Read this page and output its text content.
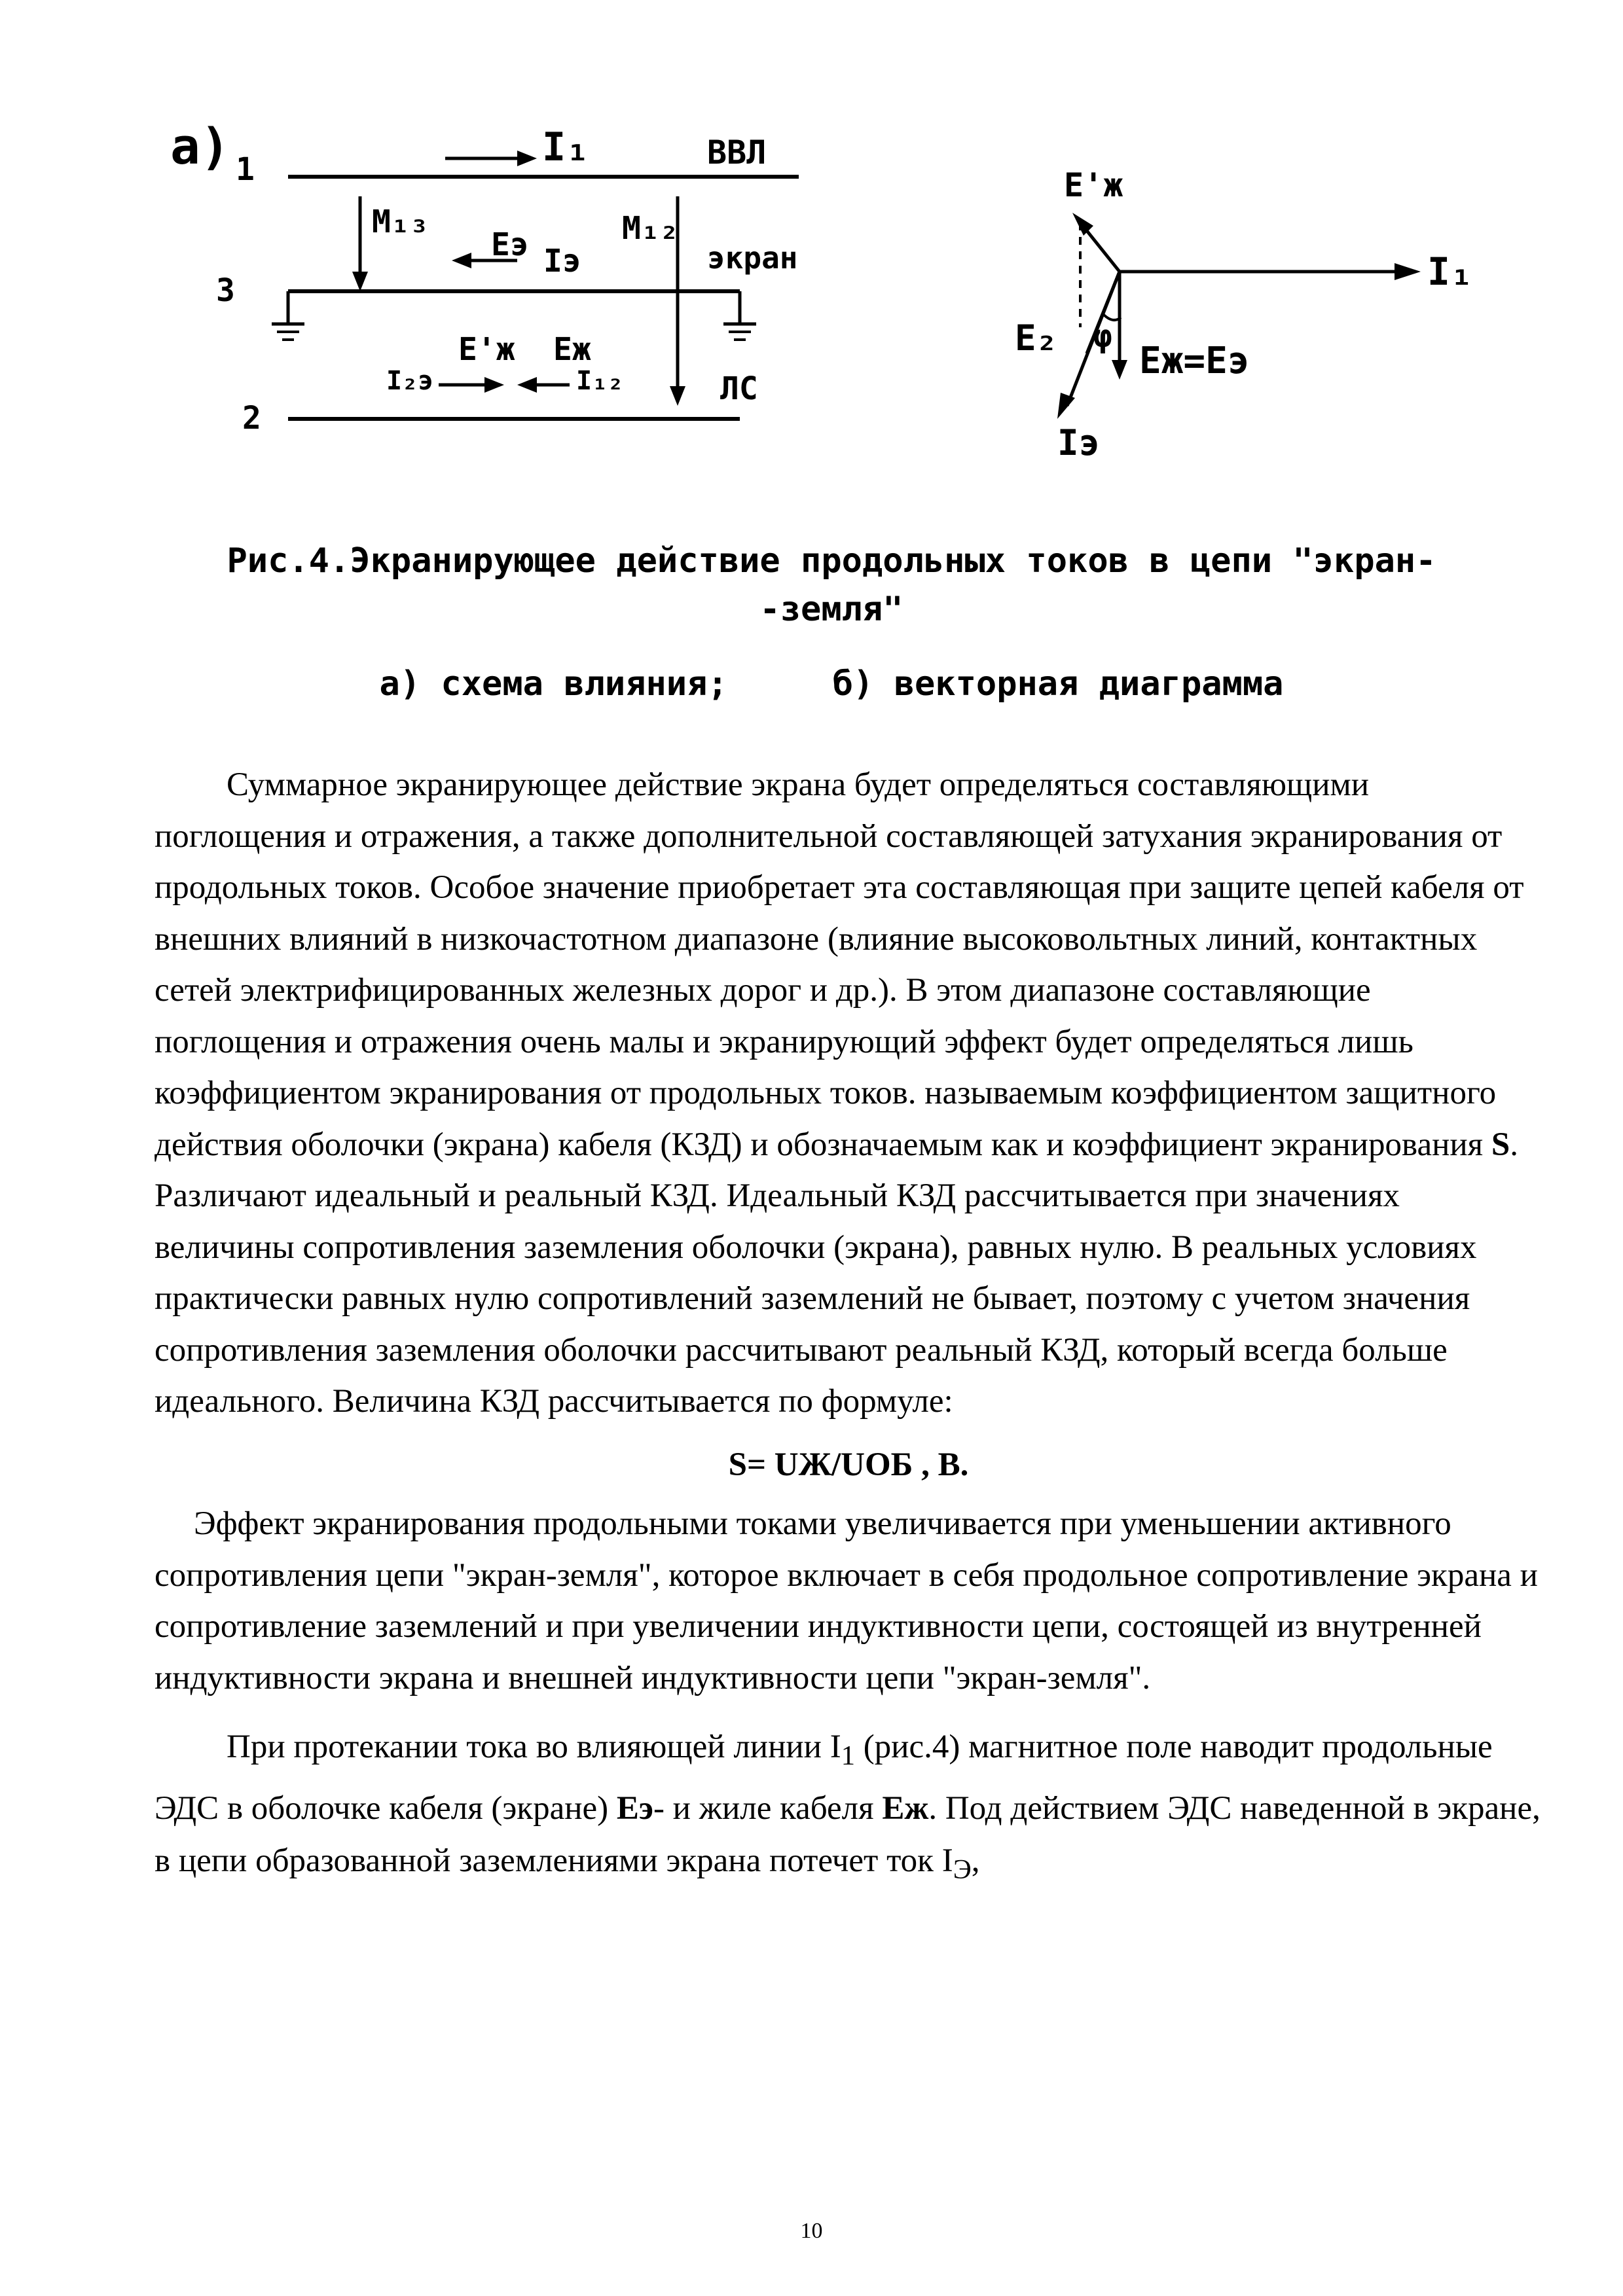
а) 1
3
2
I₁	ВВЛ
M₁₃
Eэ Iэ
M₁₂
экран
E'ж Eж
I₂э	I₁₂	ЛС
I₁
E'ж
E₂ φ
Eж=Eэ
Iэ
Рис.4.Экранирующее действие продольных токов в цепи "экран-
-земля"
а) схема влияния;	б) векторная диаграмма

Суммарное экранирующее действие экрана будет определяться составляющими поглощения и отражения, а также дополнительной составляющей затухания экранирования от продольных токов. Особое значение приобретает эта составляющая при защите цепей кабеля от внешних влияний в низкочастотном диапазоне (влияние высоковольтных линий, контактных сетей электрифицированных железных дорог и др.). В этом диапазоне составляющие поглощения и отражения очень малы и экранирующий эффект будет определяться лишь коэффициентом экранирования от продольных токов. называемым коэффициентом защитного действия оболочки (экрана) кабеля (КЗД) и обозначаемым как и коэффициент экранирования S. Различают идеальный и реальный КЗД. Идеальный КЗД рассчитывается при значениях величины сопротивления заземления оболочки (экрана), равных нулю. В реальных условиях практически равных нулю сопротивлений заземлений не бывает, поэтому с учетом значения сопротивления заземления оболочки рассчитывают реальный КЗД, который всегда больше идеального. Величина КЗД рассчитывается по формуле:

S= UЖ/UОБ , В.

Эффект экранирования продольными токами увеличивается при уменьшении активного сопротивления цепи "экран-земля", которое включает в себя продольное сопротивление экрана и сопротивление заземлений и при увеличении индуктивности цепи, состоящей из внутренней индуктивности экрана и внешней индуктивности цепи "экран-земля".

При протекании тока во влияющей линии $I_1$ (рис.4) магнитное поле наводит продольные ЭДС в оболочке кабеля (экране) Eэ- и жиле кабеля Eж. Под действием ЭДС наведенной в экране, в цепи образованной заземлениями экрана потечет ток $I_Э$,

10
